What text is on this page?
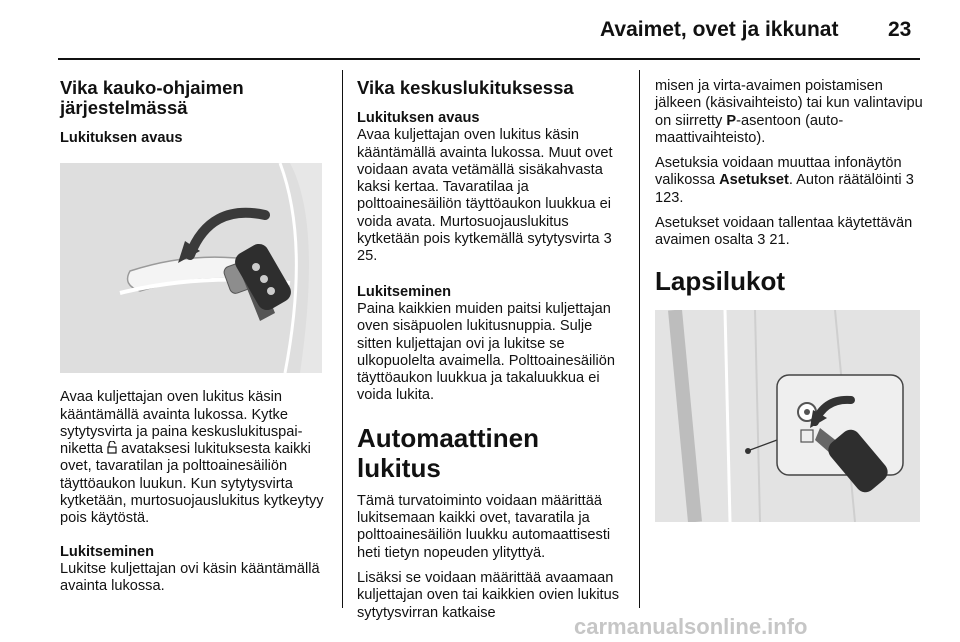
Avaimet, ovet ja ikkunat 23
Vika kauko-ohjaimen järjestelmässä
Lukituksen avaus

Avaa kuljettajan oven lukitus käsin kääntämällä avainta lukossa. Kytke sytytysvirta ja paina keskuslukituspainiketta avataksesi lukituksesta kaikki ovet, tavaratilan ja polttoainesäiliön täyttöaukon luukun. Kun sytytysvirta kytketään, murtosuojauslukitus kytkeytyy pois käytöstä.

Lukitseminen

Lukitse kuljettajan ovi käsin kääntämällä avainta lukossa.

Vika keskuslukituksessa
Lukituksen avaus

Avaa kuljettajan oven lukitus käsin kääntämällä avainta lukossa. Muut ovet voidaan avata vetämällä sisäkahvasta kaksi kertaa. Tavaratilaa ja polttoainesäiliön täyttöaukon luukkua ei voida avata. Murtosuojauslukitus kytketään pois kytkemällä sytytysvirta 3 25.

Lukitseminen

Paina kaikkien muiden paitsi kuljettajan oven sisäpuolen lukitusnuppia. Sulje sitten kuljettajan ovi ja lukitse se ulkopuolelta avaimella. Polttoainesäiliön täyttöaukon luukkua ja takaluukkua ei voida lukita.

Automaattinen lukitus

Tämä turvatoiminto voidaan määrittää lukitsemaan kaikki ovet, tavaratila ja polttoainesäiliön luukku automaattisesti heti tietyn nopeuden ylityttyä.

Lisäksi se voidaan määrittää avaamaan kuljettajan oven tai kaikkien ovien lukitus sytytysvirran katkaise

misen ja virta-avaimen poistamisen jälkeen (käsivaihteisto) tai kun valintavipu on siirretty P-asentoon (automaattivaihteisto).

Asetuksia voidaan muuttaa infonäytön valikossa Asetukset. Auton räätälöinti 3 123.

Asetukset voidaan tallentaa käytettävän avaimen osalta 3 21.

Lapsilukot
carmanualsonline.info
